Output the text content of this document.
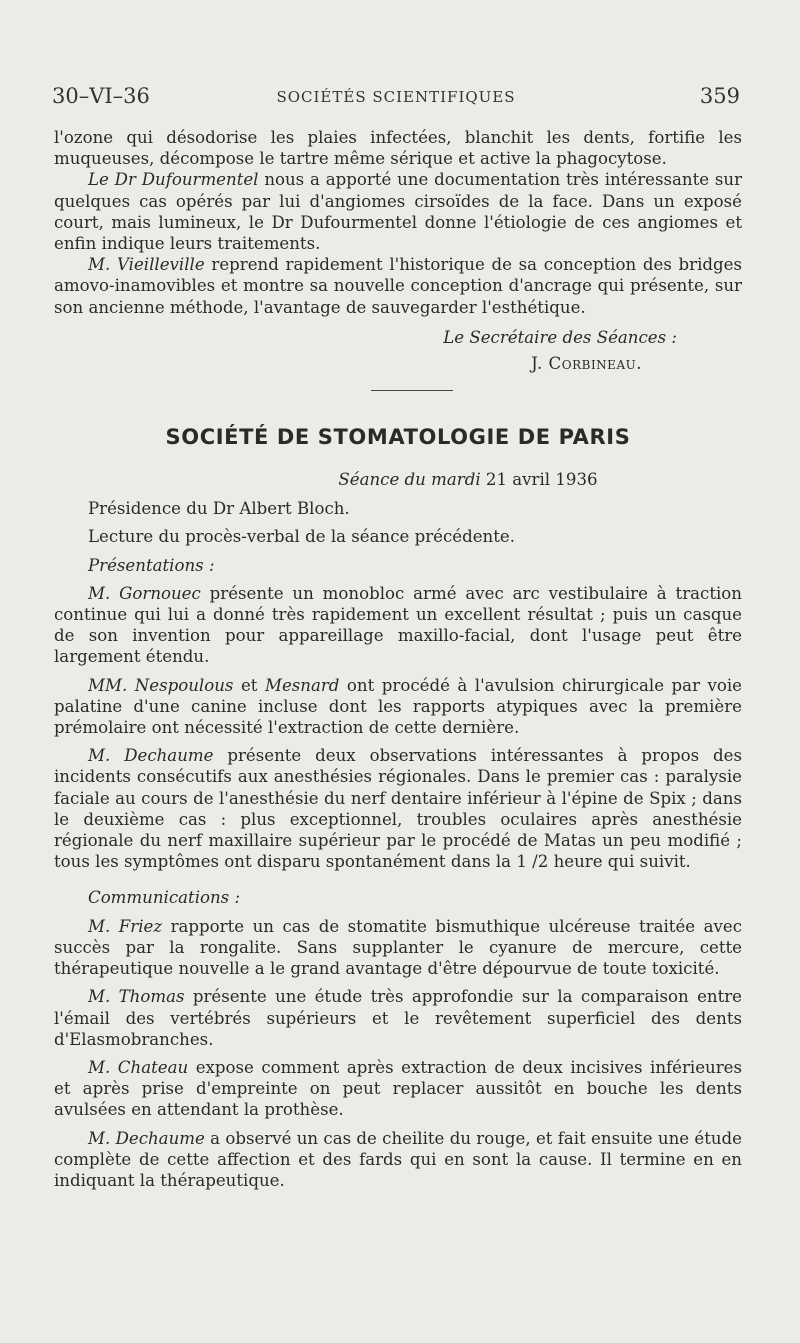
30–VI–36	SOCIÉTÉS SCIENTIFIQUES	359

l'ozone qui désodorise les plaies infectées, blanchit les dents, fortifie les muqueuses, décompose le tartre même sérique et active la phagocytose.

Le Dr Dufourmentel nous a apporté une documentation très intéressante sur quelques cas opérés par lui d'angiomes cirsoïdes de la face. Dans un exposé court, mais lumineux, le Dr Dufourmentel donne l'étiologie de ces angiomes et enfin indique leurs traitements.

M. Vieilleville reprend rapidement l'historique de sa conception des bridges amovo-inamovibles et montre sa nouvelle conception d'ancrage qui présente, sur son ancienne méthode, l'avantage de sauvegarder l'esthétique.

Le Secrétaire des Séances :
J. Corbineau.
SOCIÉTÉ DE STOMATOLOGIE DE PARIS
Séance du mardi 21 avril 1936

Présidence du Dr Albert Bloch.

Lecture du procès-verbal de la séance précédente.

Présentations :

M. Gornouec présente un monobloc armé avec arc vestibulaire à traction continue qui lui a donné très rapidement un excellent résultat ; puis un casque de son invention pour appareillage maxillo-facial, dont l'usage peut être largement étendu.

MM. Nespoulous et Mesnard ont procédé à l'avulsion chirurgicale par voie palatine d'une canine incluse dont les rapports atypiques avec la première prémolaire ont nécessité l'extraction de cette dernière.

M. Dechaume présente deux observations intéressantes à propos des incidents consécutifs aux anesthésies régionales. Dans le premier cas : paralysie faciale au cours de l'anesthésie du nerf dentaire inférieur à l'épine de Spix ; dans le deuxième cas : plus exceptionnel, troubles oculaires après anesthésie régionale du nerf maxillaire supérieur par le procédé de Matas un peu modifié ; tous les symptômes ont disparu spontanément dans la 1 /2 heure qui suivit.

Communications :

M. Friez rapporte un cas de stomatite bismuthique ulcéreuse traitée avec succès par la rongalite. Sans supplanter le cyanure de mercure, cette thérapeutique nouvelle a le grand avantage d'être dépourvue de toute toxicité.

M. Thomas présente une étude très approfondie sur la comparaison entre l'émail des vertébrés supérieurs et le revêtement superficiel des dents d'Elasmobranches.

M. Chateau expose comment après extraction de deux incisives inférieures et après prise d'empreinte on peut replacer aussitôt en bouche les dents avulsées en attendant la prothèse.

M. Dechaume a observé un cas de cheilite du rouge, et fait ensuite une étude complète de cette affection et des fards qui en sont la cause. Il termine en en indiquant la thérapeutique.
